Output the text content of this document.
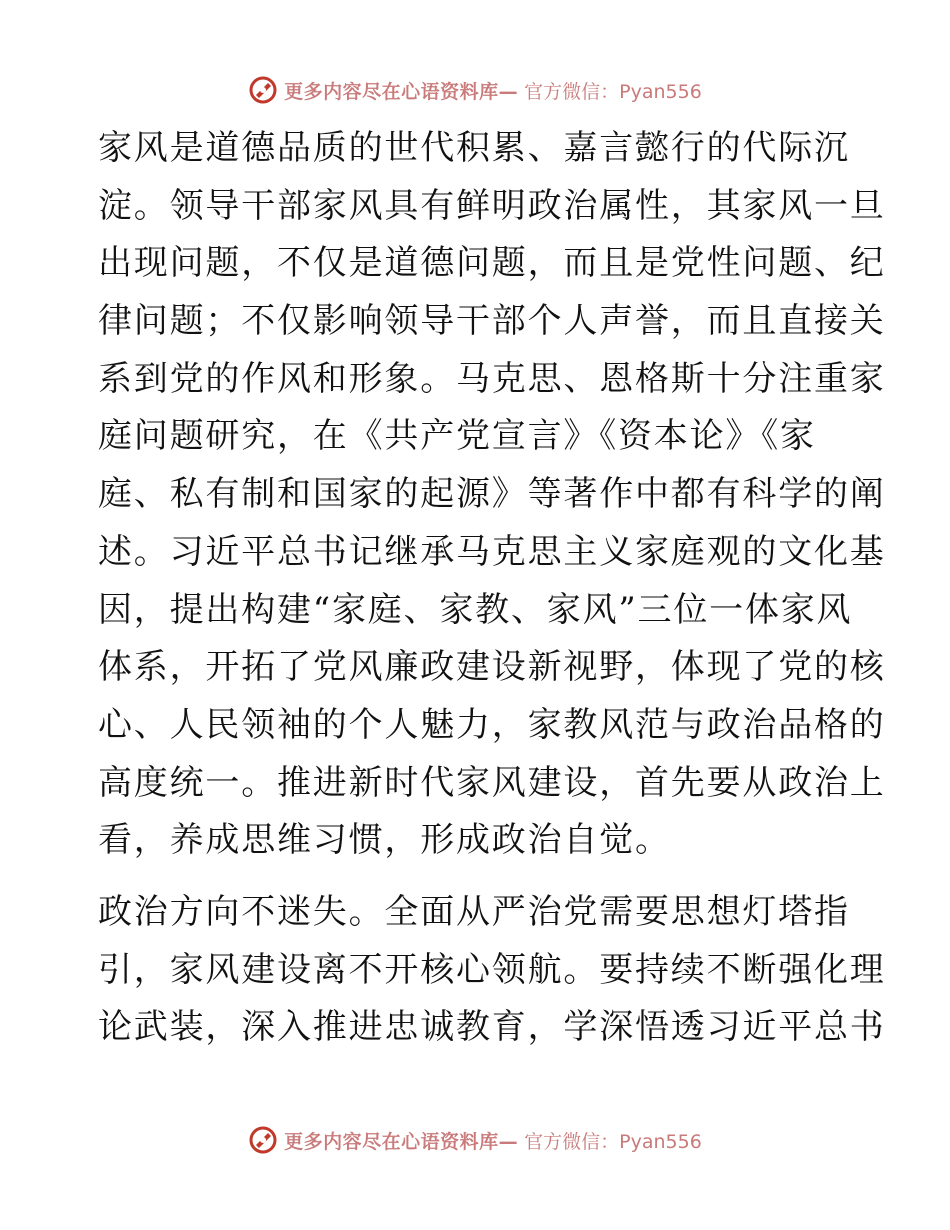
更多内容尽在心语资料库— 官方微信：Pyan556
家风是道德品质的世代积累、嘉言懿行的代际沉
淀。领导干部家风具有鲜明政治属性，其家风一旦
出现问题，不仅是道德问题，而且是党性问题、纪
律问题；不仅影响领导干部个人声誉，而且直接关
系到党的作风和形象。马克思、恩格斯十分注重家
庭问题研究，在《共产党宣言》《资本论》《家
庭、私有制和国家的起源》等著作中都有科学的阐
述。习近平总书记继承马克思主义家庭观的文化基
因，提出构建“家庭、家教、家风”三位一体家风
体系，开拓了党风廉政建设新视野，体现了党的核
心、人民领袖的个人魅力，家教风范与政治品格的
高度统一。推进新时代家风建设，首先要从政治上
看，养成思维习惯，形成政治自觉。
政治方向不迷失。全面从严治党需要思想灯塔指
引，家风建设离不开核心领航。要持续不断强化理
论武装，深入推进忠诚教育，学深悟透习近平总书
更多内容尽在心语资料库— 官方微信：Pyan556
